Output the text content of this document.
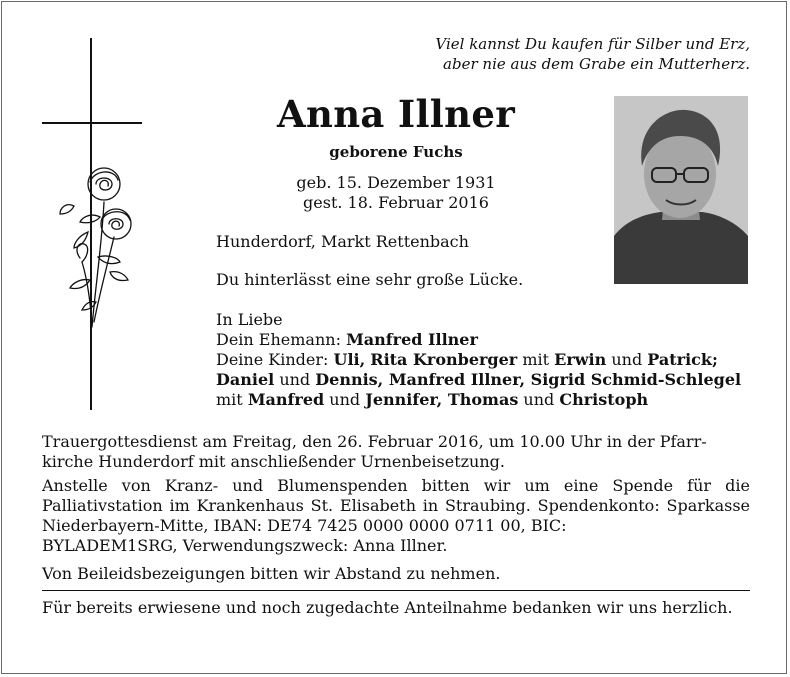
Viel kannst Du kaufen für Silber und Erz,
aber nie aus dem Grabe ein Mutterherz.
Anna Illner
geborene Fuchs
geb. 15. Dezember 1931
gest. 18. Februar 2016
Hunderdorf, Markt Rettenbach
Du hinterlässt eine sehr große Lücke.
In Liebe
Dein Ehemann: Manfred Illner
Deine Kinder: Uli, Rita Kronberger mit Erwin und Patrick;
Daniel und Dennis, Manfred Illner, Sigrid Schmid-Schlegel
mit Manfred und Jennifer, Thomas und Christoph
Trauergottesdienst am Freitag, den 26. Februar 2016, um 10.00 Uhr in der Pfarr-
kirche Hunderdorf mit anschließender Urnenbeisetzung.
Anstelle von Kranz- und Blumenspenden bitten wir um eine Spende für die Palliativstation im Krankenhaus St. Elisabeth in Straubing. Spendenkonto: Sparkasse Niederbayern-Mitte, IBAN: DE74 7425 0000 0000 0711 00, BIC:
BYLADEM1SRG, Verwendungszweck: Anna Illner.
Von Beileidsbezeigungen bitten wir Abstand zu nehmen.
Für bereits erwiesene und noch zugedachte Anteilnahme bedanken wir uns herzlich.
